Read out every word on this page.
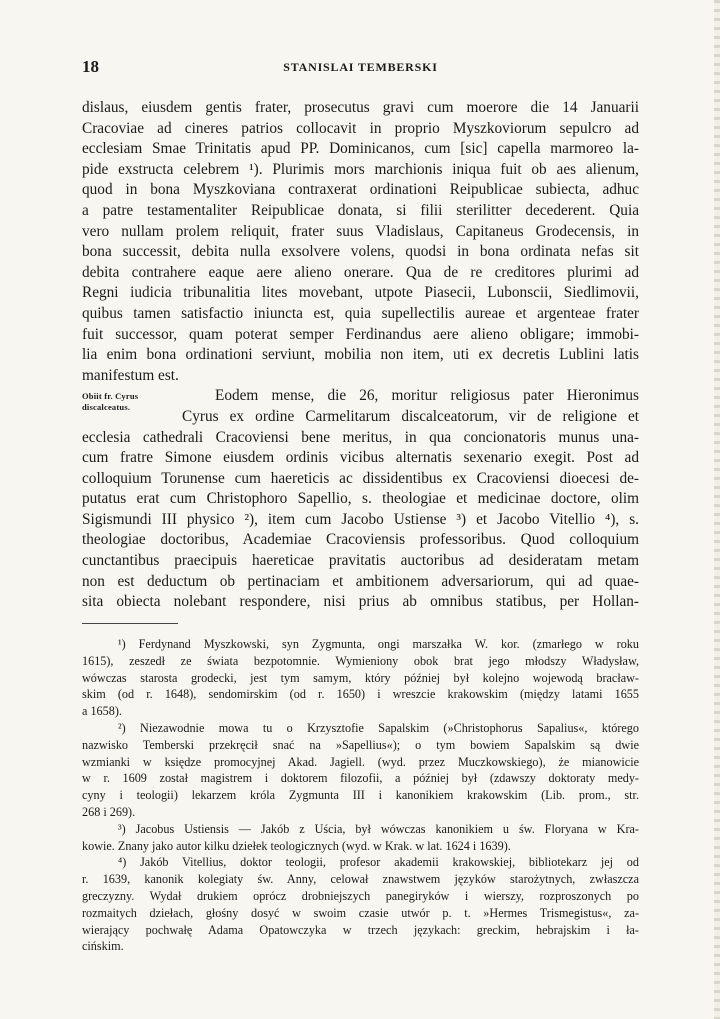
18	STANISLAI TEMBERSKI
dislaus, eiusdem gentis frater, prosecutus gravi cum moerore die 14 Januarii
Cracoviae ad cineres patrios collocavit in proprio Myszkoviorum sepulcro ad
ecclesiam Smae Trinitatis apud PP. Dominicanos, cum [sic] capella marmoreo la-
pide exstructa celebrem ¹). Plurimis mors marchionis iniqua fuit ob aes alienum,
quod in bona Myszkoviana contraxerat ordinationi Reipublicae subiecta, adhuc
a patre testamentaliter Reipublicae donata, si filii sterilitter decederent. Quia
vero nullam prolem reliquit, frater suus Vladislaus, Capitaneus Grodecensis, in
bona successit, debita nulla exsolvere volens, quodsi in bona ordinata nefas sit
debita contrahere eaque aere alieno onerare. Qua de re creditores plurimi ad
Regni iudicia tribunalitia lites movebant, utpote Piasecii, Lubonscii, Siedlimovii,
quibus tamen satisfactio iniuncta est, quia supellectilis aureae et argenteae frater
fuit successor, quam poterat semper Ferdinandus aere alieno obligare; immobi-
lia enim bona ordinationi serviunt, mobilia non item, uti ex decretis Lublini latis
manifestum est.
Obiit fr. Cyrus
discalceatus.
Eodem mense, die 26, moritur religiosus pater Hieronimus
Cyrus ex ordine Carmelitarum discalceatorum, vir de religione et
ecclesia cathedrali Cracoviensi bene meritus, in qua concionatoris munus una-
cum fratre Simone eiusdem ordinis vicibus alternatis sexenario exegit. Post ad
colloquium Torunense cum haereticis ac dissidentibus ex Cracoviensi dioecesi de-
putatus erat cum Christophoro Sapellio, s. theologiae et medicinae doctore, olim
Sigismundi III physico ²), item cum Jacobo Ustiense ³) et Jacobo Vitellio ⁴), s.
theologiae doctoribus, Academiae Cracoviensis professoribus. Quod colloquium
cunctantibus praecipuis haereticae pravitatis auctoribus ad desideratam metam
non est deductum ob pertinaciam et ambitionem adversariorum, qui ad quae-
sita obiecta nolebant respondere, nisi prius ab omnibus statibus, per Hollan-
¹) Ferdynand Myszkowski, syn Zygmunta, ongi marszałka W. kor. (zmarłego w roku
1615), zeszedł ze świata bezpotomnie. Wymieniony obok brat jego młodszy Władysław,
wówczas starosta grodecki, jest tym samym, który później był kolejno wojewodą bracław-
skim (od r. 1648), sendomirskim (od r. 1650) i wreszcie krakowskim (między latami 1655
a 1658).
²) Niezawodnie mowa tu o Krzysztofie Sapalskim (»Christophorus Sapalius«, którego
nazwisko Temberski przekręcił snać na »Sapellius«); o tym bowiem Sapalskim są dwie
wzmianki w księdze promocyjnej Akad. Jagiell. (wyd. przez Muczkowskiego), że mianowicie
w r. 1609 został magistrem i doktorem filozofii, a później był (zdawszy doktoraty medy-
cyny i teologii) lekarzem króla Zygmunta III i kanonikiem krakowskim (Lib. prom., str.
268 i 269).
³) Jacobus Ustiensis — Jakób z Uścia, był wówczas kanonikiem u św. Floryana w Kra-
kowie. Znany jako autor kilku dziełek teologicznych (wyd. w Krak. w lat. 1624 i 1639).
⁴) Jakób Vitellius, doktor teologii, profesor akademii krakowskiej, bibliotekarz jej od
r. 1639, kanonik kolegiaty św. Anny, celował znawstwem języków starożytnych, zwłaszcza
greczyzny. Wydał drukiem oprócz drobniejszych panegiryków i wierszy, rozproszonych po
rozmaitych dziełach, głośny dosyć w swoim czasie utwór p. t. »Hermes Trismegistus«, za-
wierający pochwałę Adama Opatowczyka w trzech językach: greckim, hebrajskim i ła-
cińskim.
